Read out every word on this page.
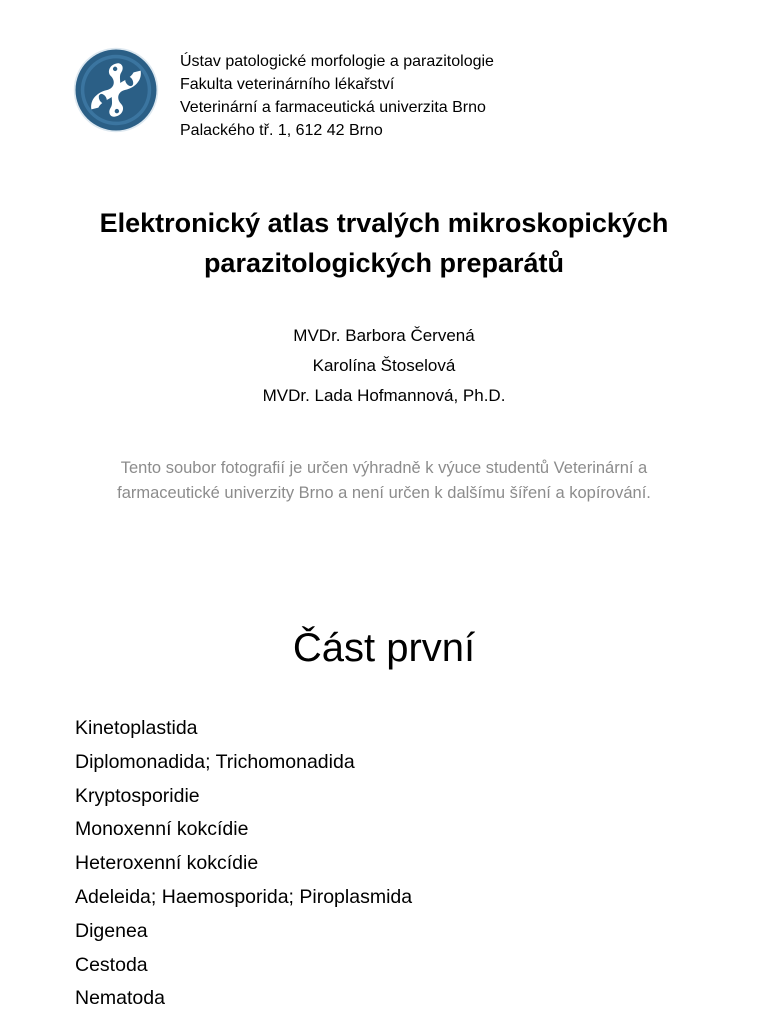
Ústav patologické morfologie a parazitologie
Fakulta veterinárního lékařství
Veterinární a farmaceutická univerzita Brno
Palackého tř. 1, 612 42 Brno
Elektronický atlas trvalých mikroskopických
parazitologických preparátů
MVDr. Barbora Červená
Karolína Štoselová
MVDr. Lada Hofmannová, Ph.D.
Tento soubor fotografií je určen výhradně k výuce studentů Veterinární a farmaceutické univerzity Brno a není určen k dalšímu šíření a kopírování.
Část první
Kinetoplastida
Diplomonadida; Trichomonadida
Kryptosporidie
Monoxenní kokcídie
Heteroxenní kokcídie
Adeleida; Haemosporida; Piroplasmida
Digenea
Cestoda
Nematoda
